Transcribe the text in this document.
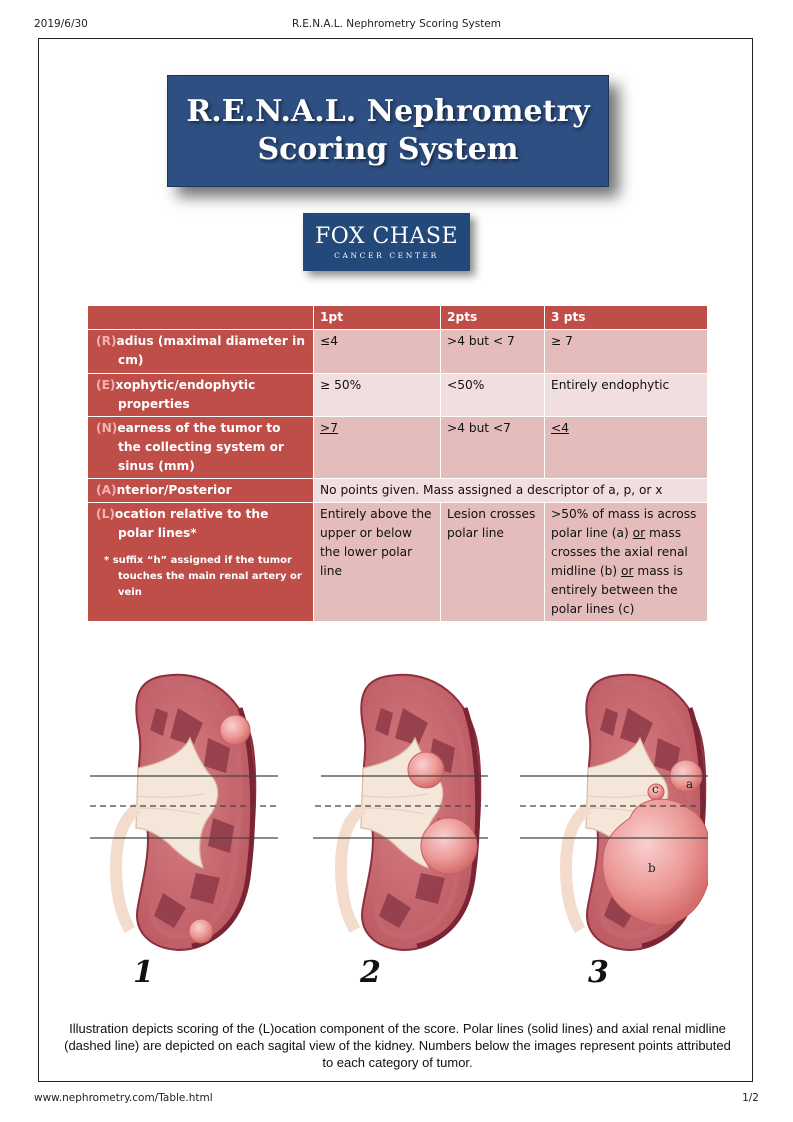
2019/6/30	R.E.N.A.L. Nephrometry Scoring System
R.E.N.A.L. Nephrometry
Scoring System
FOX CHASE
CANCER CENTER
	1pt	2pts	3 pts

(R)adius (maximal diameter in cm)	≤4	>4 but < 7	≥ 7

(E)xophytic/endophytic properties	≥ 50%	<50%	Entirely endophytic

(N)earness of the tumor to the collecting system or sinus (mm)	>7	>4 but <7	<4

(A)nterior/Posterior	No points given. Mass assigned a descriptor of a, p, or x		

(L)ocation relative to the polar lines*
* suffix “h” assigned if the tumor touches the main renal artery or vein	Entirely above the upper or below the lower polar line	Lesion crosses polar line	>50% of mass is across polar line (a) or mass crosses the axial renal midline (b) or mass is entirely between the polar lines (c)
a
c
b
1	2	3
Illustration depicts scoring of the (L)ocation component of the score. Polar lines (solid lines) and axial renal midline (dashed line) are depicted on each sagital view of the kidney. Numbers below the images represent points attributed to each category of tumor.
www.nephrometry.com/Table.html	1/2
